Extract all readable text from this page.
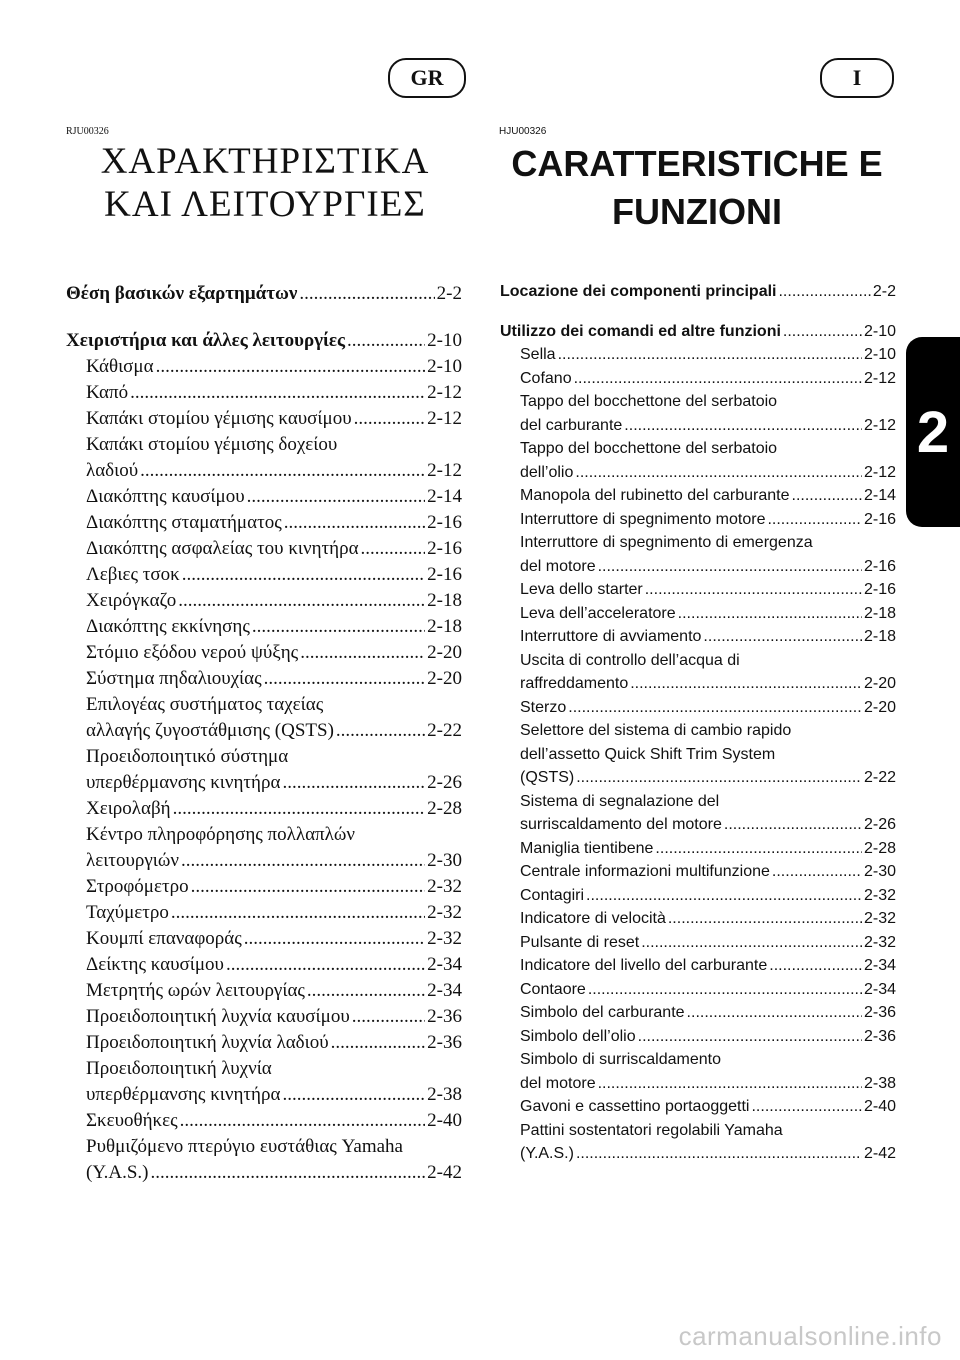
GR	I
RJU00326	HJU00326
ΧΑΡΑΚΤΗΡΙΣΤΙΚΑ
ΚΑΙ ΛΕΙΤΟΥΡΓΙΕΣ
CARATTERISTICHE E
FUNZIONI
Θέση βασικών εξαρτημάτων .....	2-2
Χειριστήρια και άλλες λειτουργίες .....	2-10
Κάθισμα .....	2-10
Καπό .....	2-12
Καπάκι στομίου γέμισης καυσίμου .....	2-12
Καπάκι στομίου γέμισης δοχείου
λαδιού .....	2-12
Διακόπτης καυσίμου .....	2-14
Διακόπτης σταματήματος .....	2-16
Διακόπτης ασφαλείας του κινητήρα .....	2-16
Λεβιες τσοκ .....	2-16
Χειρόγκαζο .....	2-18
Διακόπτης εκκίνησης .....	2-18
Στόμιο εξόδου νερού ψύξης .....	2-20
Σύστημα πηδαλιουχίας .....	2-20
Επιλογέας συστήματος ταχείας
αλλαγής ζυγοστάθμισης (QSTS) .....	2-22
Προειδοποιητικό σύστημα
υπερθέρμανσης κινητήρα .....	2-26
Χειρολαβή .....	2-28
Κέντρο πληροφόρησης πολλαπλών
λειτουργιών .....	2-30
Στροφόμετρο .....	2-32
Ταχύμετρο .....	2-32
Κουμπί επαναφοράς .....	2-32
Δείκτης καυσίμου .....	2-34
Μετρητής ωρών λειτουργίας .....	2-34
Προειδοποιητική λυχνία καυσίμου .....	2-36
Προειδοποιητική λυχνία λαδιού .....	2-36
Προειδοποιητική λυχνία
υπερθέρμανσης κινητήρα .....	2-38
Σκευοθήκες .....	2-40
Ρυθμιζόμενο πτερύγιο ευστάθιας Yamaha
(Y.A.S.) .....	2-42
Locazione dei componenti principali .....	2-2
Utilizzo dei comandi ed altre funzioni .....	2-10
Sella .....	2-10
Cofano .....	2-12
Tappo del bocchettone del serbatoio
del carburante .....	2-12
Tappo del bocchettone del serbatoio
dell’olio .....	2-12
Manopola del rubinetto del carburante .....	2-14
Interruttore di spegnimento motore .....	2-16
Interruttore di spegnimento di emergenza
del motore .....	2-16
Leva dello starter .....	2-16
Leva dell’acceleratore .....	2-18
Interruttore di avviamento .....	2-18
Uscita di controllo dell’acqua di
raffreddamento .....	2-20
Sterzo .....	2-20
Selettore del sistema di cambio rapido
dell’assetto Quick Shift Trim System
(QSTS) .....	2-22
Sistema di segnalazione del
surriscaldamento del motore .....	2-26
Maniglia tientibene .....	2-28
Centrale informazioni multifunzione .....	2-30
Contagiri .....	2-32
Indicatore di velocità .....	2-32
Pulsante di reset .....	2-32
Indicatore del livello del carburante .....	2-34
Contaore .....	2-34
Simbolo del carburante .....	2-36
Simbolo dell’olio .....	2-36
Simbolo di surriscaldamento
del motore .....	2-38
Gavoni e cassettino portaoggetti .....	2-40
Pattini sostentatori regolabili Yamaha
(Y.A.S.) .....	2-42
2
carmanualsonline.info
